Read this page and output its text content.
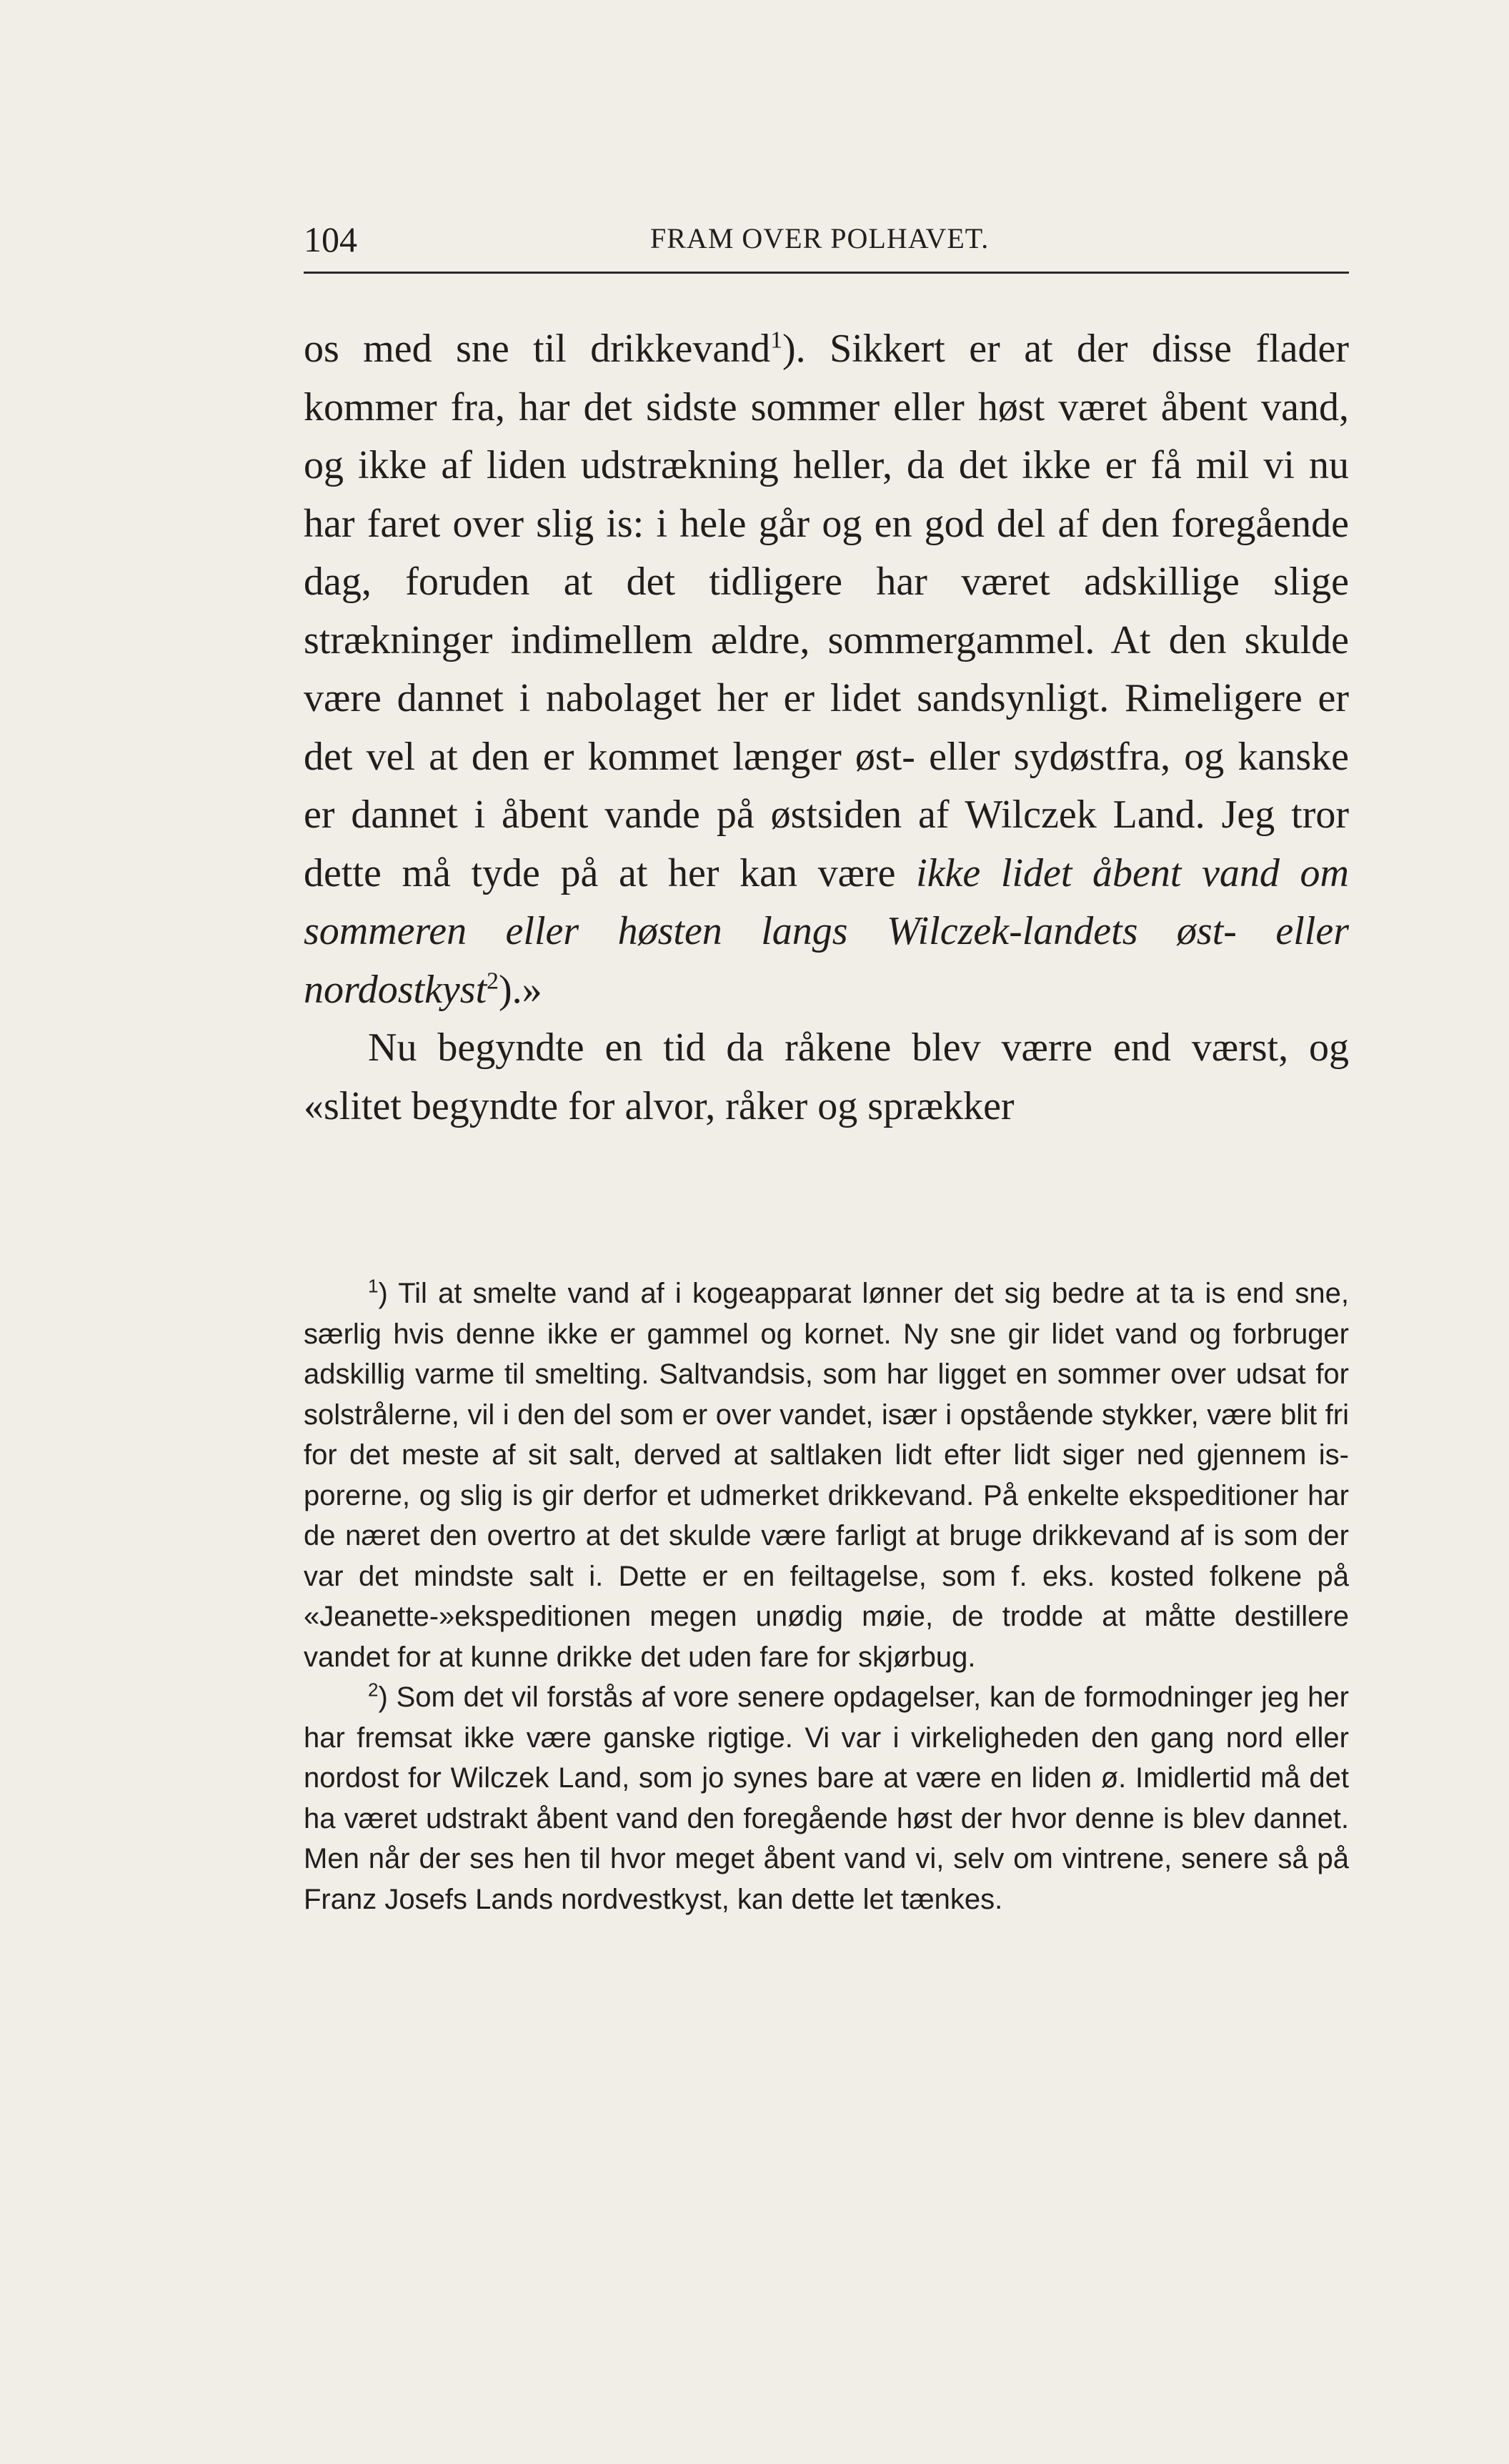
104	FRAM OVER POLHAVET.

os med sne til drikkevand$^1$). Sikkert er at der disse flader kommer fra, har det sidste sommer eller høst været åbent vand, og ikke af liden udstrækning heller, da det ikke er få mil vi nu har faret over slig is: i hele går og en god del af den foregående dag, foruden at det tidligere har været adskillige slige strækninger indimellem ældre, sommergammel. At den skulde være dannet i nabolaget her er lidet sandsynligt. Rimeligere er det vel at den er kommet længer øst- eller sydøstfra, og kanske er dannet i åbent vande på østsiden af Wilczek Land. Jeg tror dette må tyde på at her kan være ikke lidet åbent vand om sommeren eller høsten langs Wilczek-landets øst- eller nordostkyst$^2$).»

Nu begyndte en tid da råkene blev værre end værst, og «slitet begyndte for alvor, råker og sprækker

$^1$) Til at smelte vand af i kogeapparat lønner det sig bedre at ta is end sne, særlig hvis denne ikke er gammel og kornet. Ny sne gir lidet vand og forbruger adskillig varme til smelting. Saltvandsis, som har ligget en sommer over udsat for solstrålerne, vil i den del som er over vandet, især i opstående stykker, være blit fri for det meste af sit salt, derved at saltlaken lidt efter lidt siger ned gjennem is-porerne, og slig is gir derfor et udmerket drikkevand. På enkelte ekspeditioner har de næret den overtro at det skulde være farligt at bruge drikkevand af is som der var det mindste salt i. Dette er en feiltagelse, som f. eks. kosted folkene på «Jeanette-»ekspeditionen megen unødig møie, de trodde at måtte destillere vandet for at kunne drikke det uden fare for skjørbug.

$^2$) Som det vil forstås af vore senere opdagelser, kan de formodninger jeg her har fremsat ikke være ganske rigtige. Vi var i virkeligheden den gang nord eller nordost for Wilczek Land, som jo synes bare at være en liden ø. Imidlertid må det ha været udstrakt åbent vand den foregående høst der hvor denne is blev dannet. Men når der ses hen til hvor meget åbent vand vi, selv om vintrene, senere så på Franz Josefs Lands nordvestkyst, kan dette let tænkes.
